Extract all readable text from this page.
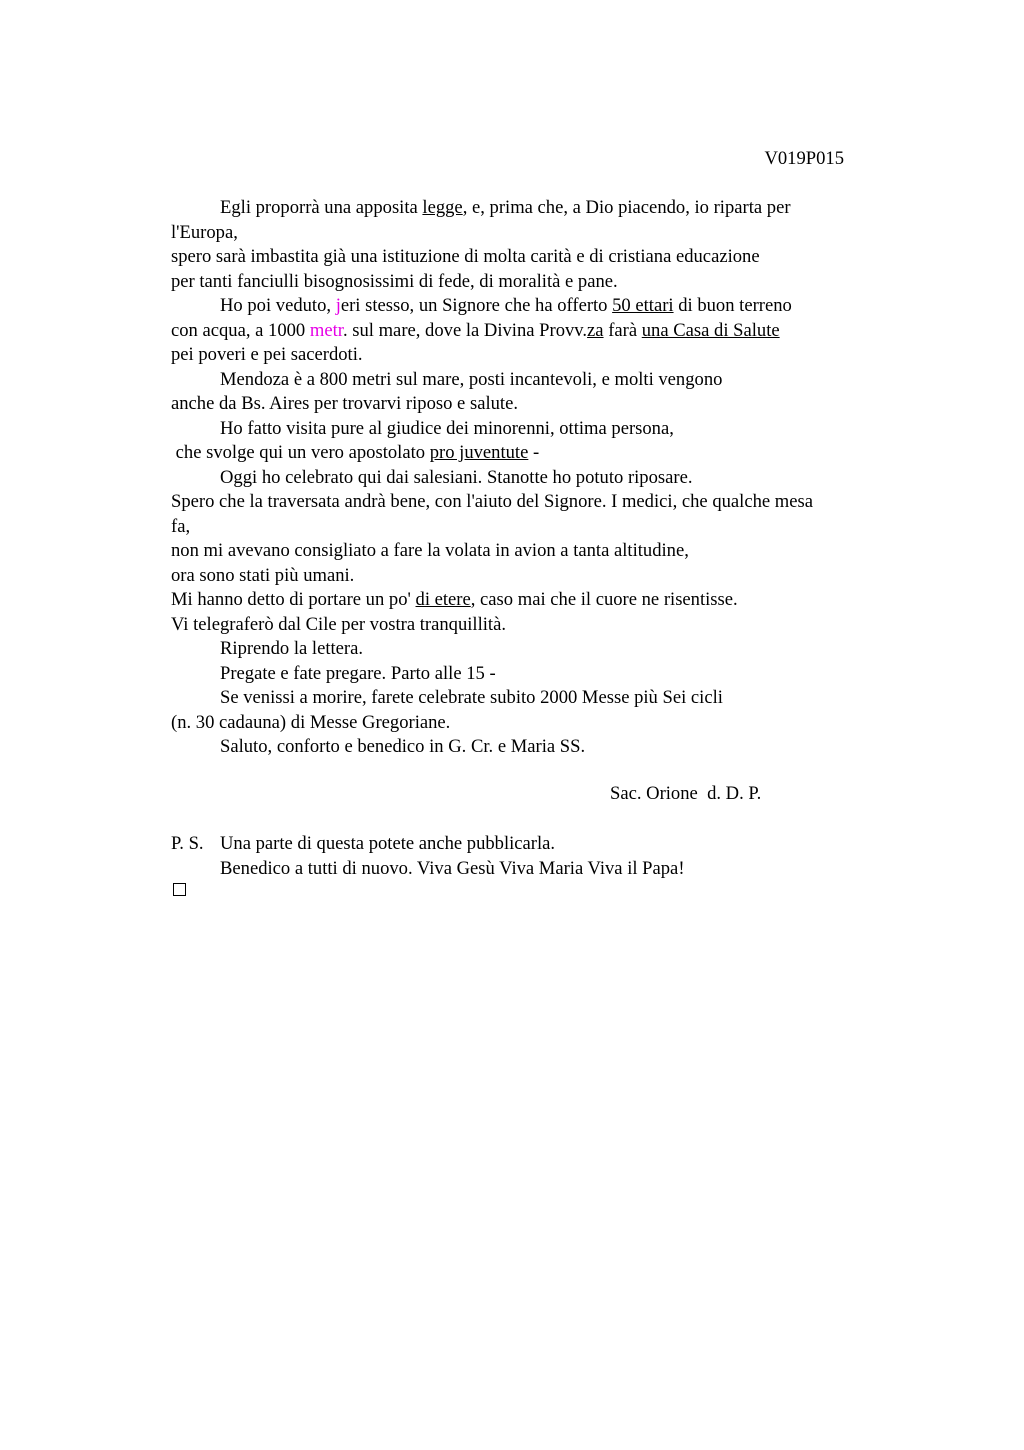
V019P015
Egli proporrà una apposita legge, e, prima che, a Dio piacendo, io riparta per
l'Europa,
spero sarà imbastita già una istituzione di molta carità e di cristiana educazione
per tanti fanciulli bisognosissimi di fede, di moralità e pane.
Ho poi veduto, jeri stesso, un Signore che ha offerto 50 ettari di buon terreno
con acqua, a 1000 metr. sul mare, dove la Divina Provv.za farà una Casa di Salute
pei poveri e pei sacerdoti.
Mendoza è a 800 metri sul mare, posti incantevoli, e molti vengono
anche da Bs. Aires per trovarvi riposo e salute.
Ho fatto visita pure al giudice dei minorenni, ottima persona,
che svolge qui un vero apostolato pro juventute -
Oggi ho celebrato qui dai salesiani. Stanotte ho potuto riposare.
Spero che la traversata andrà bene, con l'aiuto del Signore. I medici, che qualche mesa
fa,
non mi avevano consigliato a fare la volata in avion a tanta altitudine,
ora sono stati più umani.
Mi hanno detto di portare un po' di etere, caso mai che il cuore ne risentisse.
Vi telegraferò dal Cile per vostra tranquillità.
Riprendo la lettera.
Pregate e fate pregare. Parto alle 15 -
Se venissi a morire, farete celebrate subito 2000 Messe più Sei cicli
(n. 30 cadauna) di Messe Gregoriane.
Saluto, conforto e benedico in G. Cr. e Maria SS.
Sac. Orione  d. D. P.
P. S. Una parte di questa potete anche pubblicarla.
Benedico a tutti di nuovo. Viva Gesù Viva Maria Viva il Papa!
